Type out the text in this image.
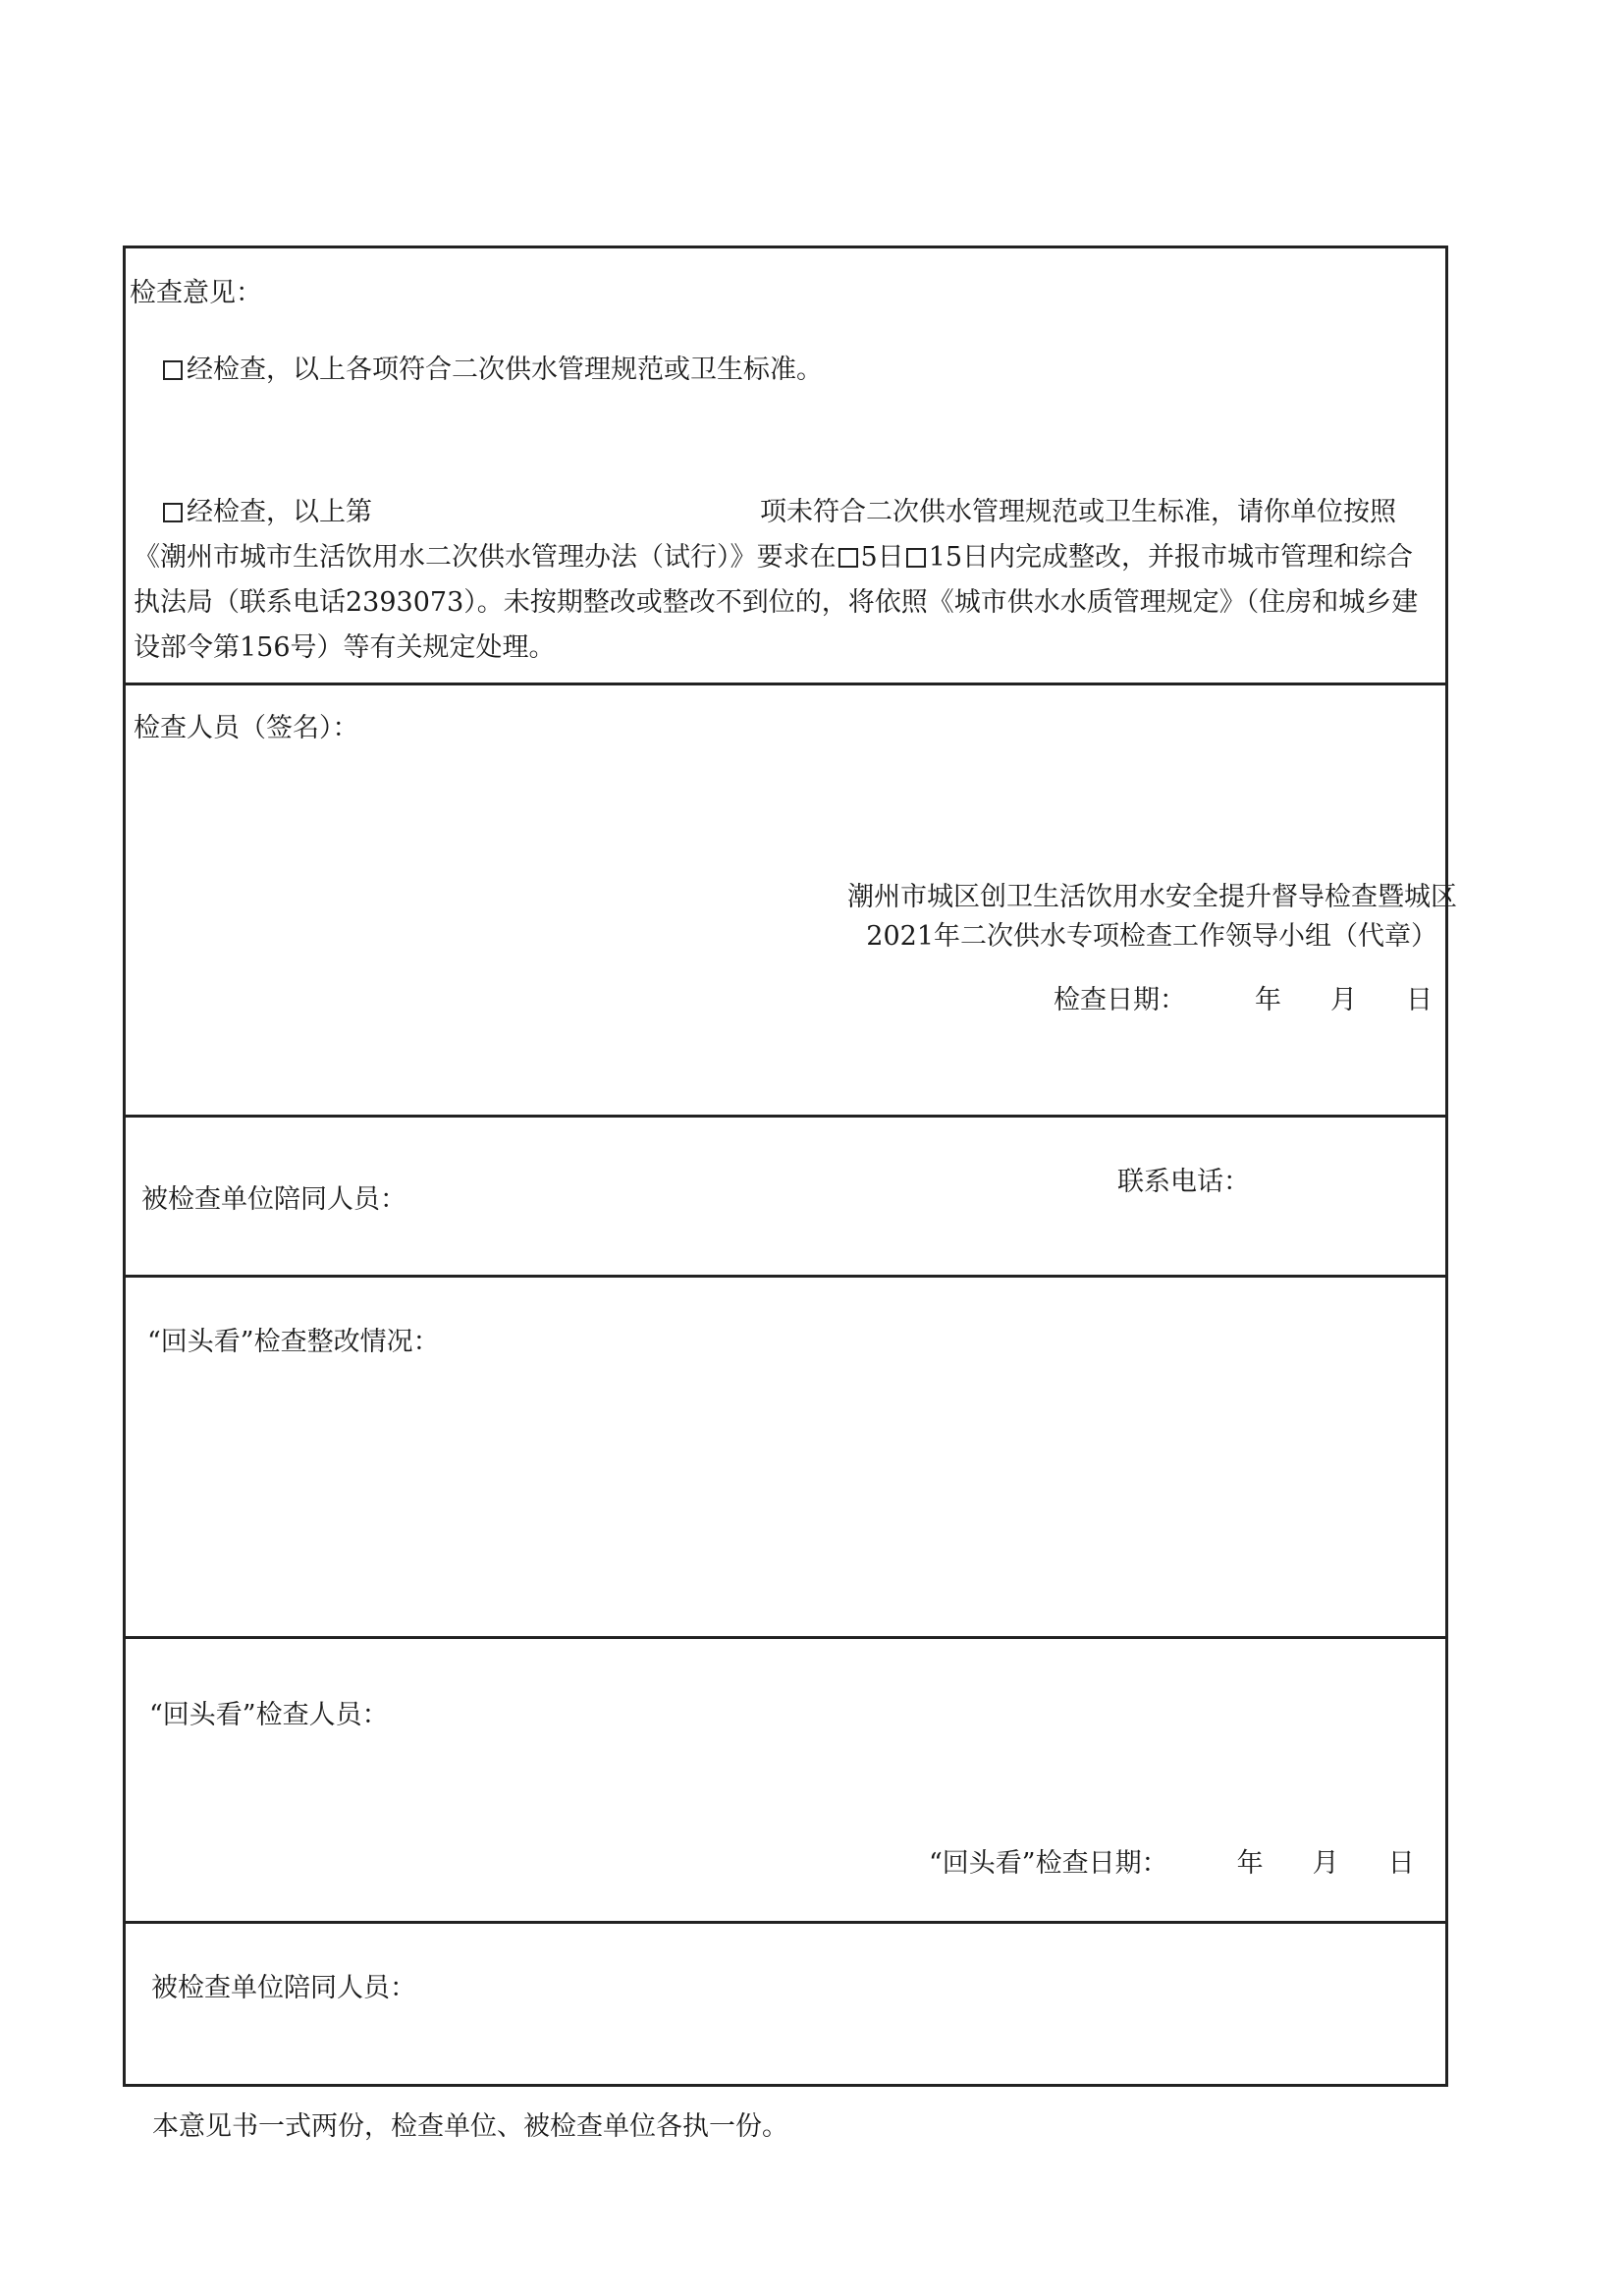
检查意见：
经检查，以上各项符合二次供水管理规范或卫生标准。
经检查，以上第	项未符合二次供水管理规范或卫生标准，请你单位按照《潮州市城市生活饮用水二次供水管理办法（试行）》要求在 5日 15日内完成整改，并报市城市管理和综合执法局（联系电话2393073）。未按期整改或整改不到位的，将依照《城市供水水质管理规定》（住房和城乡建设部令第156号）等有关规定处理。
检查人员（签名）：
潮州市城区创卫生活饮用水安全提升督导检查暨城区
2021年二次供水专项检查工作领导小组（代章）
检查日期：	年 月 日
被检查单位陪同人员：
联系电话：
“回头看”检查整改情况：
“回头看”检查人员：
“回头看”检查日期：	年 月 日
被检查单位陪同人员：
本意见书一式两份，检查单位、被检查单位各执一份。
